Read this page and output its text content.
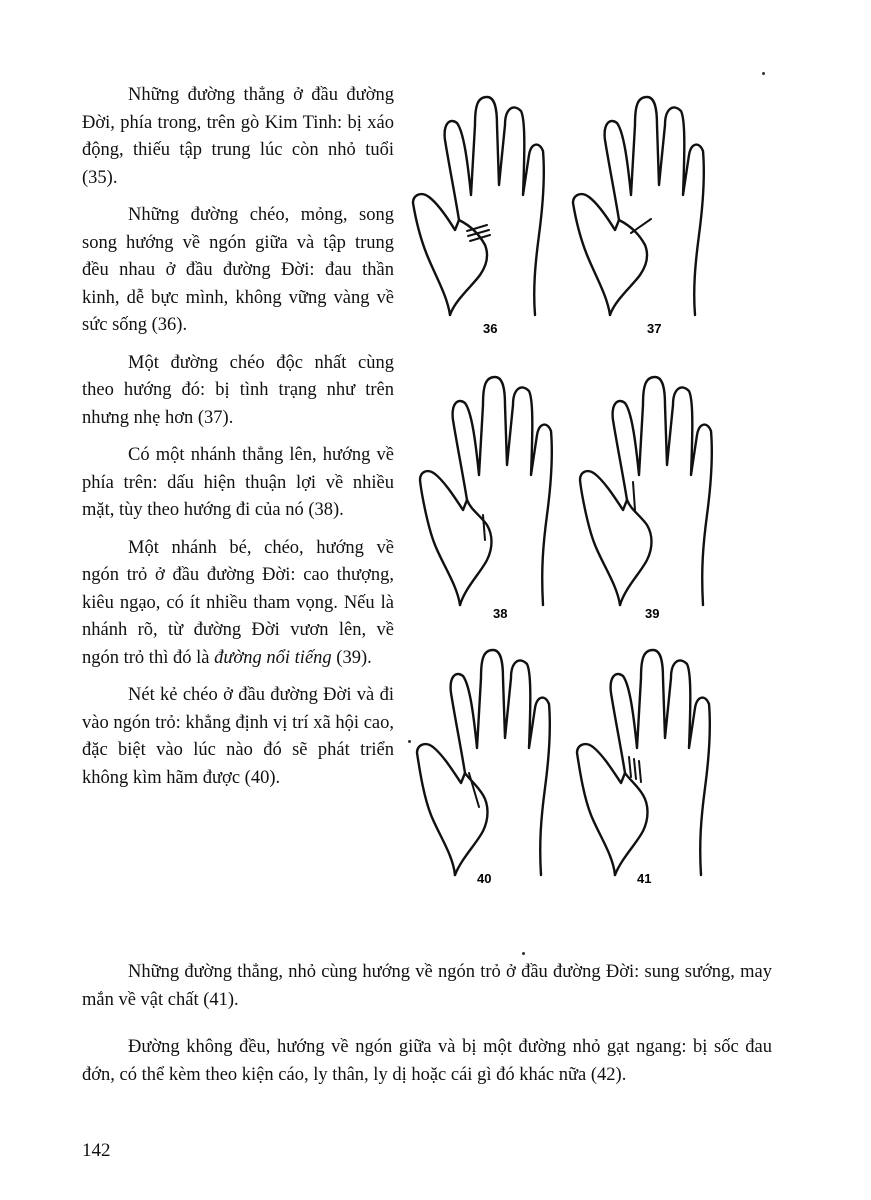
Những đường thẳng ở đầu đường Đời, phía trong, trên gò Kim Tinh: bị xáo động, thiếu tập trung lúc còn nhỏ tuổi (35).

Những đường chéo, mỏng, song song hướng về ngón giữa và tập trung đều nhau ở đầu đường Đời: đau thần kinh, dễ bực mình, không vững vàng về sức sống (36).

Một đường chéo độc nhất cùng theo hướng đó: bị tình trạng như trên nhưng nhẹ hơn (37).

Có một nhánh thẳng lên, hướng về phía trên: dấu hiện thuận lợi về nhiều mặt, tùy theo hướng đi của nó (38).

Một nhánh bé, chéo, hướng về ngón trỏ ở đầu đường Đời: cao thượng, kiêu ngạo, có ít nhiều tham vọng. Nếu là nhánh rõ, từ đường Đời vươn lên, về ngón trỏ thì đó là đường nổi tiếng (39).

Nét kẻ chéo ở đầu đường Đời và đi vào ngón trỏ: khẳng định vị trí xã hội cao, đặc biệt vào lúc nào đó sẽ phát triển không kìm hãm được (40).

Những đường thẳng, nhỏ cùng hướng về ngón trỏ ở đầu đường Đời: sung sướng, may mắn về vật chất (41).

Đường không đều, hướng về ngón giữa và bị một đường nhỏ gạt ngang: bị sốc đau đớn, có thể kèm theo kiện cáo, ly thân, ly dị hoặc cái gì đó khác nữa (42).

142
36	37
38	39
40	41
